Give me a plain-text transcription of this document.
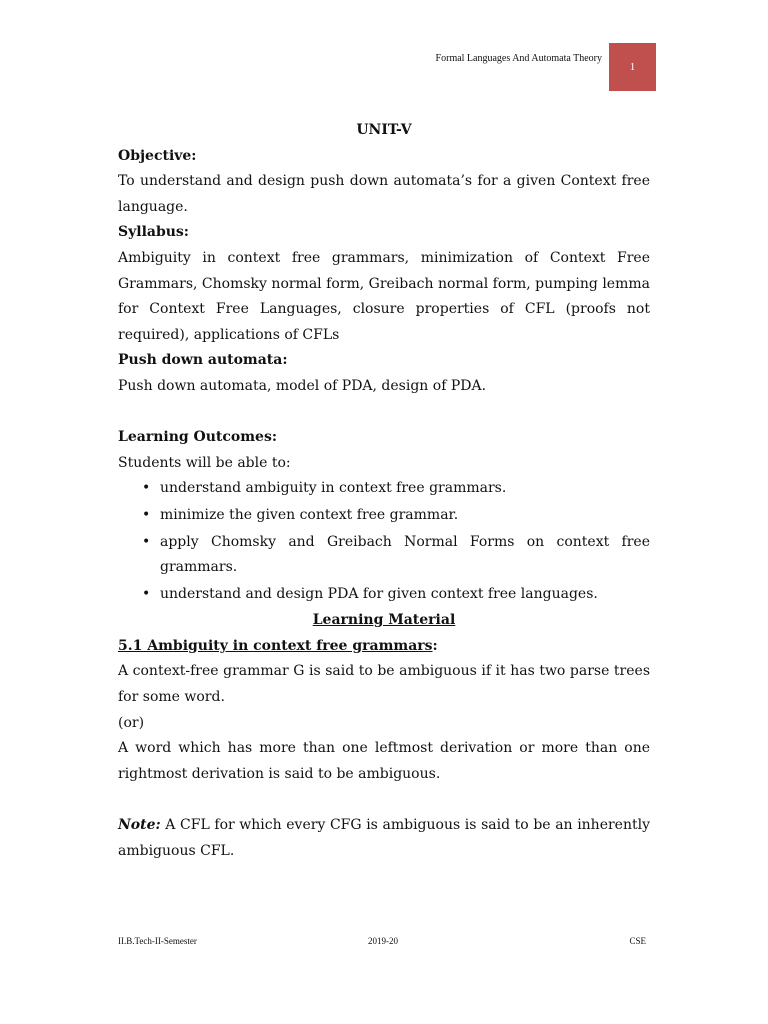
Formal Languages And Automata Theory
1

UNIT-V

Objective:

To understand and design push down automata’s for a given Context free language.

Syllabus:

Ambiguity in context free grammars, minimization of Context Free Grammars, Chomsky normal form, Greibach normal form, pumping lemma for Context Free Languages, closure properties of CFL (proofs not required), applications of CFLs

Push down automata:

Push down automata, model of PDA, design of PDA.

Learning Outcomes:

Students will be able to:

• understand ambiguity in context free grammars.
• minimize the given context free grammar.
• apply Chomsky and Greibach Normal Forms on context free grammars.
• understand and design PDA for given context free languages.

Learning Material

5.1 Ambiguity in context free grammars:

A context-free grammar G is said to be ambiguous if it has two parse trees for some word.

(or)

A word which has more than one leftmost derivation or more than one rightmost derivation is said to be ambiguous.

Note: A CFL for which every CFG is ambiguous is said to be an inherently ambiguous CFL.

II.B.Tech-II-Semester	2019-20	CSE
